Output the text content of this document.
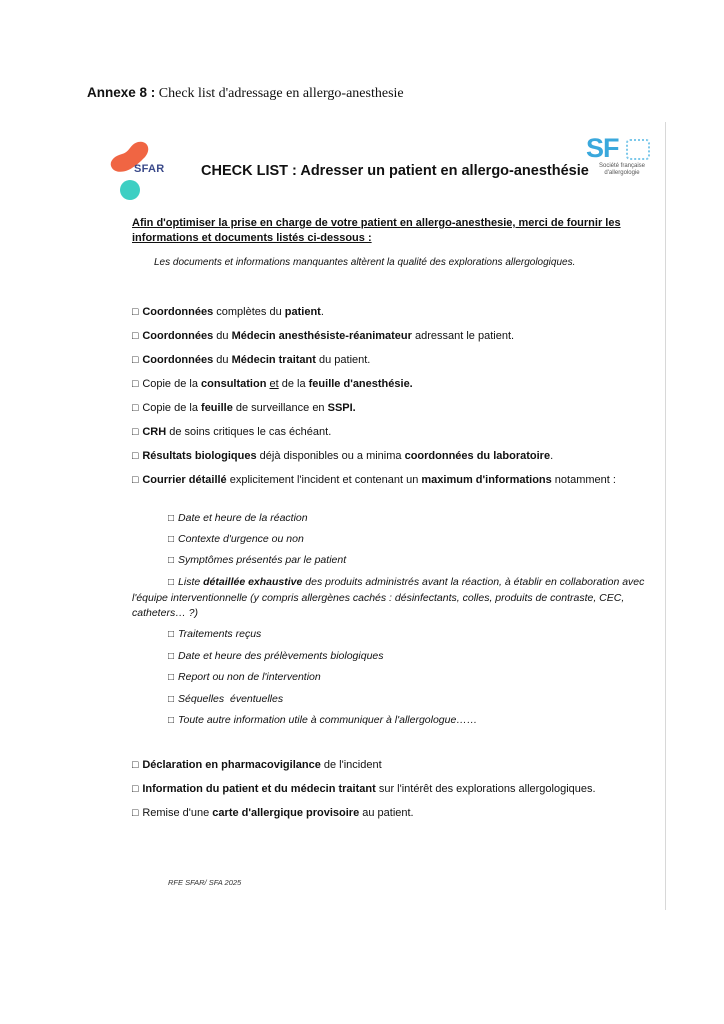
Annexe 8 : Check list d'adressage en allergo-anesthesie
SFAR	CHECK LIST : Adresser un patient en allergo-anesthésie
SF
Société française
d'allergologie
Afin d'optimiser la prise en charge de votre patient en allergo-anesthesie, merci de fournir les informations et documents listés ci-dessous :
Les documents et informations manquantes altèrent la qualité des explorations allergologiques.
□ Coordonnées complètes du patient.
□ Coordonnées du Médecin anesthésiste-réanimateur adressant le patient.
□ Coordonnées du Médecin traitant du patient.
□ Copie de la consultation et de la feuille d'anesthésie.
□ Copie de la feuille de surveillance en SSPI.
□ CRH de soins critiques le cas échéant.
□ Résultats biologiques déjà disponibles ou a minima coordonnées du laboratoire.
□ Courrier détaillé explicitement l'incident et contenant un maximum d'informations notamment :
□ Date et heure de la réaction
□ Contexte d'urgence ou non
□ Symptômes présentés par le patient
□ Liste détaillée exhaustive des produits administrés avant la réaction, à établir en collaboration avec l'équipe interventionnelle (y compris allergènes cachés : désinfectants, colles, produits de contraste, CEC, catheters… ?)
□ Traitements reçus
□ Date et heure des prélèvements biologiques
□ Report ou non de l'intervention
□ Séquelles  éventuelles
□ Toute autre information utile à communiquer à l'allergologue……
□ Déclaration en pharmacovigilance de l'incident
□ Information du patient et du médecin traitant sur l'intérêt des explorations allergologiques.
□ Remise d'une carte d'allergique provisoire au patient.
RFE SFAR/ SFA 2025
